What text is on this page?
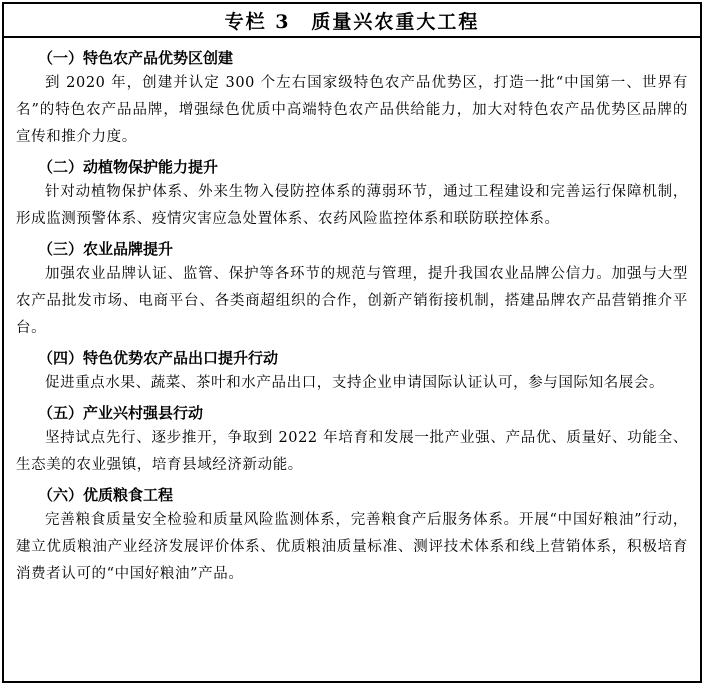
专栏 3　质量兴农重大工程
（一）特色农产品优势区创建
到 2020 年，创建并认定 300 个左右国家级特色农产品优势区，打造一批“中国第一、世界有名”的特色农产品品牌，增强绿色优质中高端特色农产品供给能力，加大对特色农产品优势区品牌的宣传和推介力度。
（二）动植物保护能力提升
针对动植物保护体系、外来生物入侵防控体系的薄弱环节，通过工程建设和完善运行保障机制，形成监测预警体系、疫情灾害应急处置体系、农药风险监控体系和联防联控体系。
（三）农业品牌提升
加强农业品牌认证、监管、保护等各环节的规范与管理，提升我国农业品牌公信力。加强与大型农产品批发市场、电商平台、各类商超组织的合作，创新产销衔接机制，搭建品牌农产品营销推介平台。
（四）特色优势农产品出口提升行动
促进重点水果、蔬菜、茶叶和水产品出口，支持企业申请国际认证认可，参与国际知名展会。
（五）产业兴村强县行动
坚持试点先行、逐步推开，争取到 2022 年培育和发展一批产业强、产品优、质量好、功能全、生态美的农业强镇，培育县域经济新动能。
（六）优质粮食工程
完善粮食质量安全检验和质量风险监测体系，完善粮食产后服务体系。开展“中国好粮油”行动，建立优质粮油产业经济发展评价体系、优质粮油质量标准、测评技术体系和线上营销体系，积极培育消费者认可的“中国好粮油”产品。
